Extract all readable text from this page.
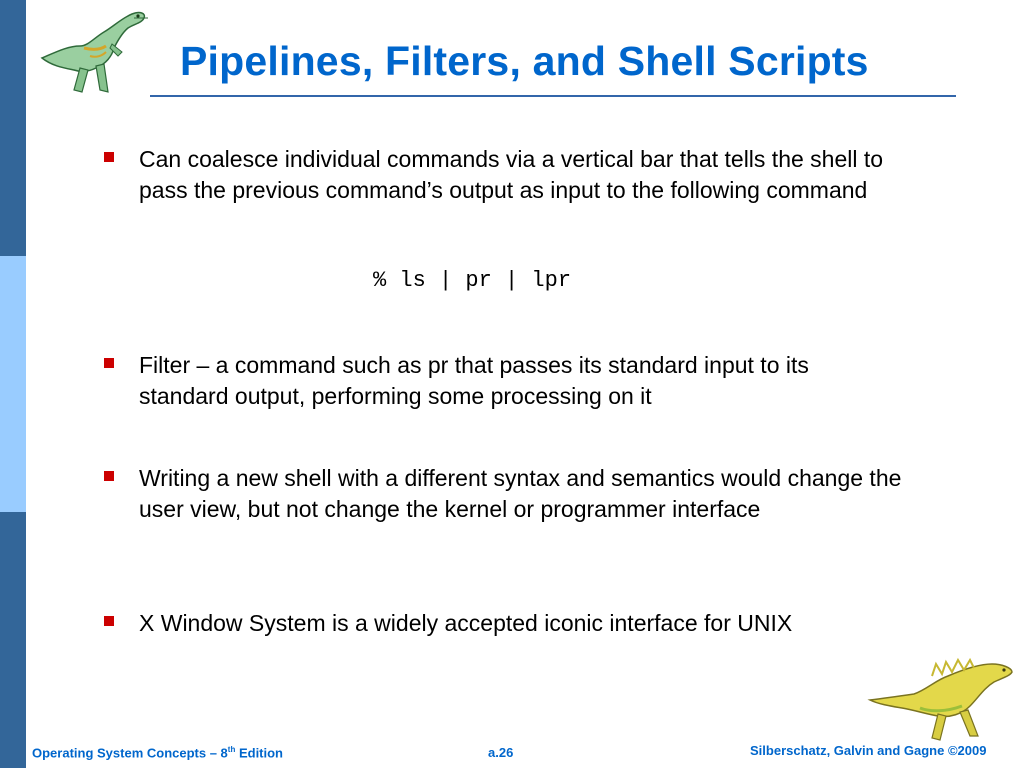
Pipelines, Filters, and Shell Scripts
Can coalesce individual commands via a vertical bar that tells the shell to pass the previous command’s output as input to the following command
% ls | pr | lpr
Filter – a command such as pr that passes its standard input to its standard output, performing some processing on it
Writing a new shell with a different syntax and semantics would change the user view, but not change the kernel or programmer interface
X Window System is a widely accepted iconic interface for UNIX
Operating System Concepts – 8th Edition	a.26	Silberschatz, Galvin and Gagne ©2009
